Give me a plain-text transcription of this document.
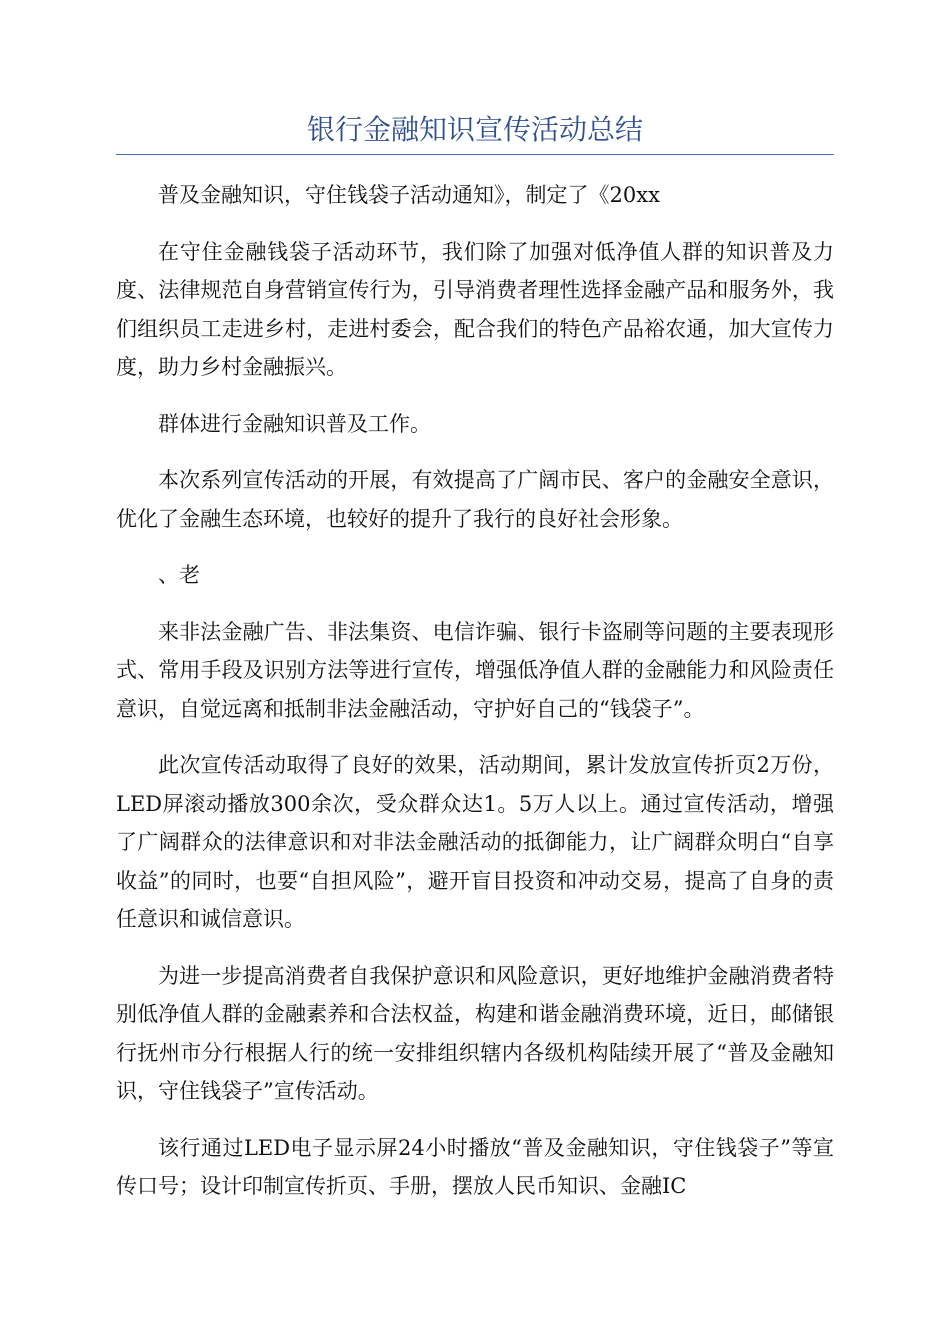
银行金融知识宣传活动总结

普及金融知识，守住钱袋子活动通知》，制定了《20xx

在守住金融钱袋子活动环节，我们除了加强对低净值人群的知识普及力度、法律规范自身营销宣传行为，引导消费者理性选择金融产品和服务外，我们组织员工走进乡村，走进村委会，配合我们的特色产品裕农通，加大宣传力度，助力乡村金融振兴。

群体进行金融知识普及工作。

本次系列宣传活动的开展，有效提高了广阔市民、客户的金融安全意识，优化了金融生态环境，也较好的提升了我行的良好社会形象。

、老

来非法金融广告、非法集资、电信诈骗、银行卡盗刷等问题的主要表现形式、常用手段及识别方法等进行宣传，增强低净值人群的金融能力和风险责任意识，自觉远离和抵制非法金融活动，守护好自己的“钱袋子”。

此次宣传活动取得了良好的效果，活动期间，累计发放宣传折页2万份，LED屏滚动播放300余次，受众群众达1。5万人以上。通过宣传活动，增强了广阔群众的法律意识和对非法金融活动的抵御能力，让广阔群众明白“自享收益”的同时，也要“自担风险”，避开盲目投资和冲动交易，提高了自身的责任意识和诚信意识。

为进一步提高消费者自我保护意识和风险意识，更好地维护金融消费者特别低净值人群的金融素养和合法权益，构建和谐金融消费环境，近日，邮储银行抚州市分行根据人行的统一安排组织辖内各级机构陆续开展了“普及金融知识，守住钱袋子”宣传活动。

该行通过LED电子显示屏24小时播放“普及金融知识，守住钱袋子”等宣传口号；设计印制宣传折页、手册，摆放人民币知识、金融IC
